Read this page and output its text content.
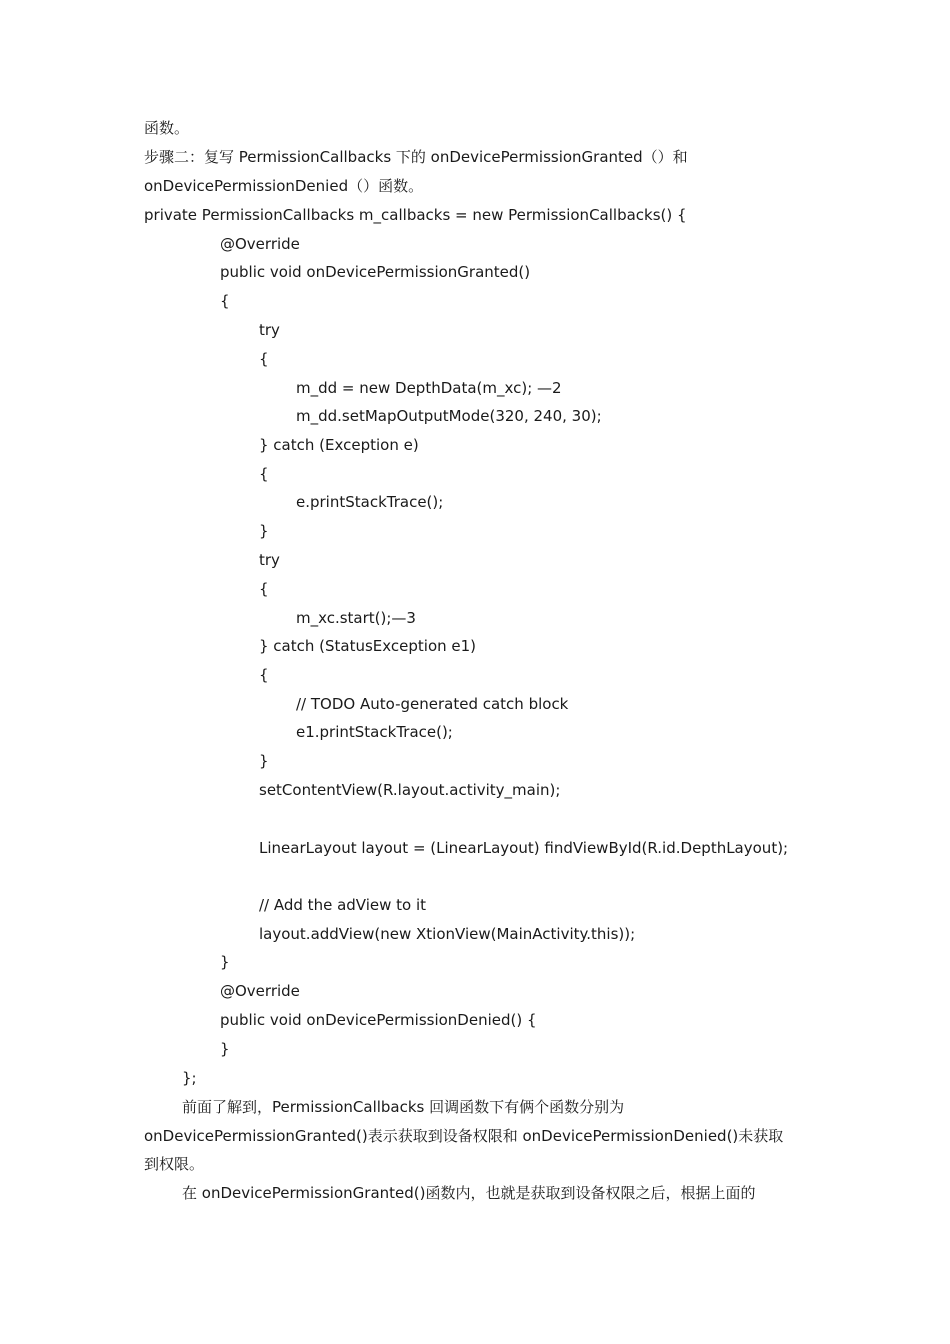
函数。
步骤二：复写 PermissionCallbacks 下的 onDevicePermissionGranted（）和
onDevicePermissionDenied（）函数。
private PermissionCallbacks m_callbacks = new PermissionCallbacks() {
@Override
public void onDevicePermissionGranted()
{
try
{
m_dd = new DepthData(m_xc); —2
m_dd.setMapOutputMode(320, 240, 30);
} catch (Exception e)
{
e.printStackTrace();
}
try
{
m_xc.start();—3
} catch (StatusException e1)
{
// TODO Auto-generated catch block
e1.printStackTrace();
}
setContentView(R.layout.activity_main);
LinearLayout layout = (LinearLayout) findViewById(R.id.DepthLayout);
// Add the adView to it
layout.addView(new XtionView(MainActivity.this));
}
@Override
public void onDevicePermissionDenied() {
}
};
前面了解到，PermissionCallbacks 回调函数下有俩个函数分别为
onDevicePermissionGranted()表示获取到设备权限和 onDevicePermissionDenied()未获取
到权限。
在 onDevicePermissionGranted()函数内，也就是获取到设备权限之后，根据上面的
